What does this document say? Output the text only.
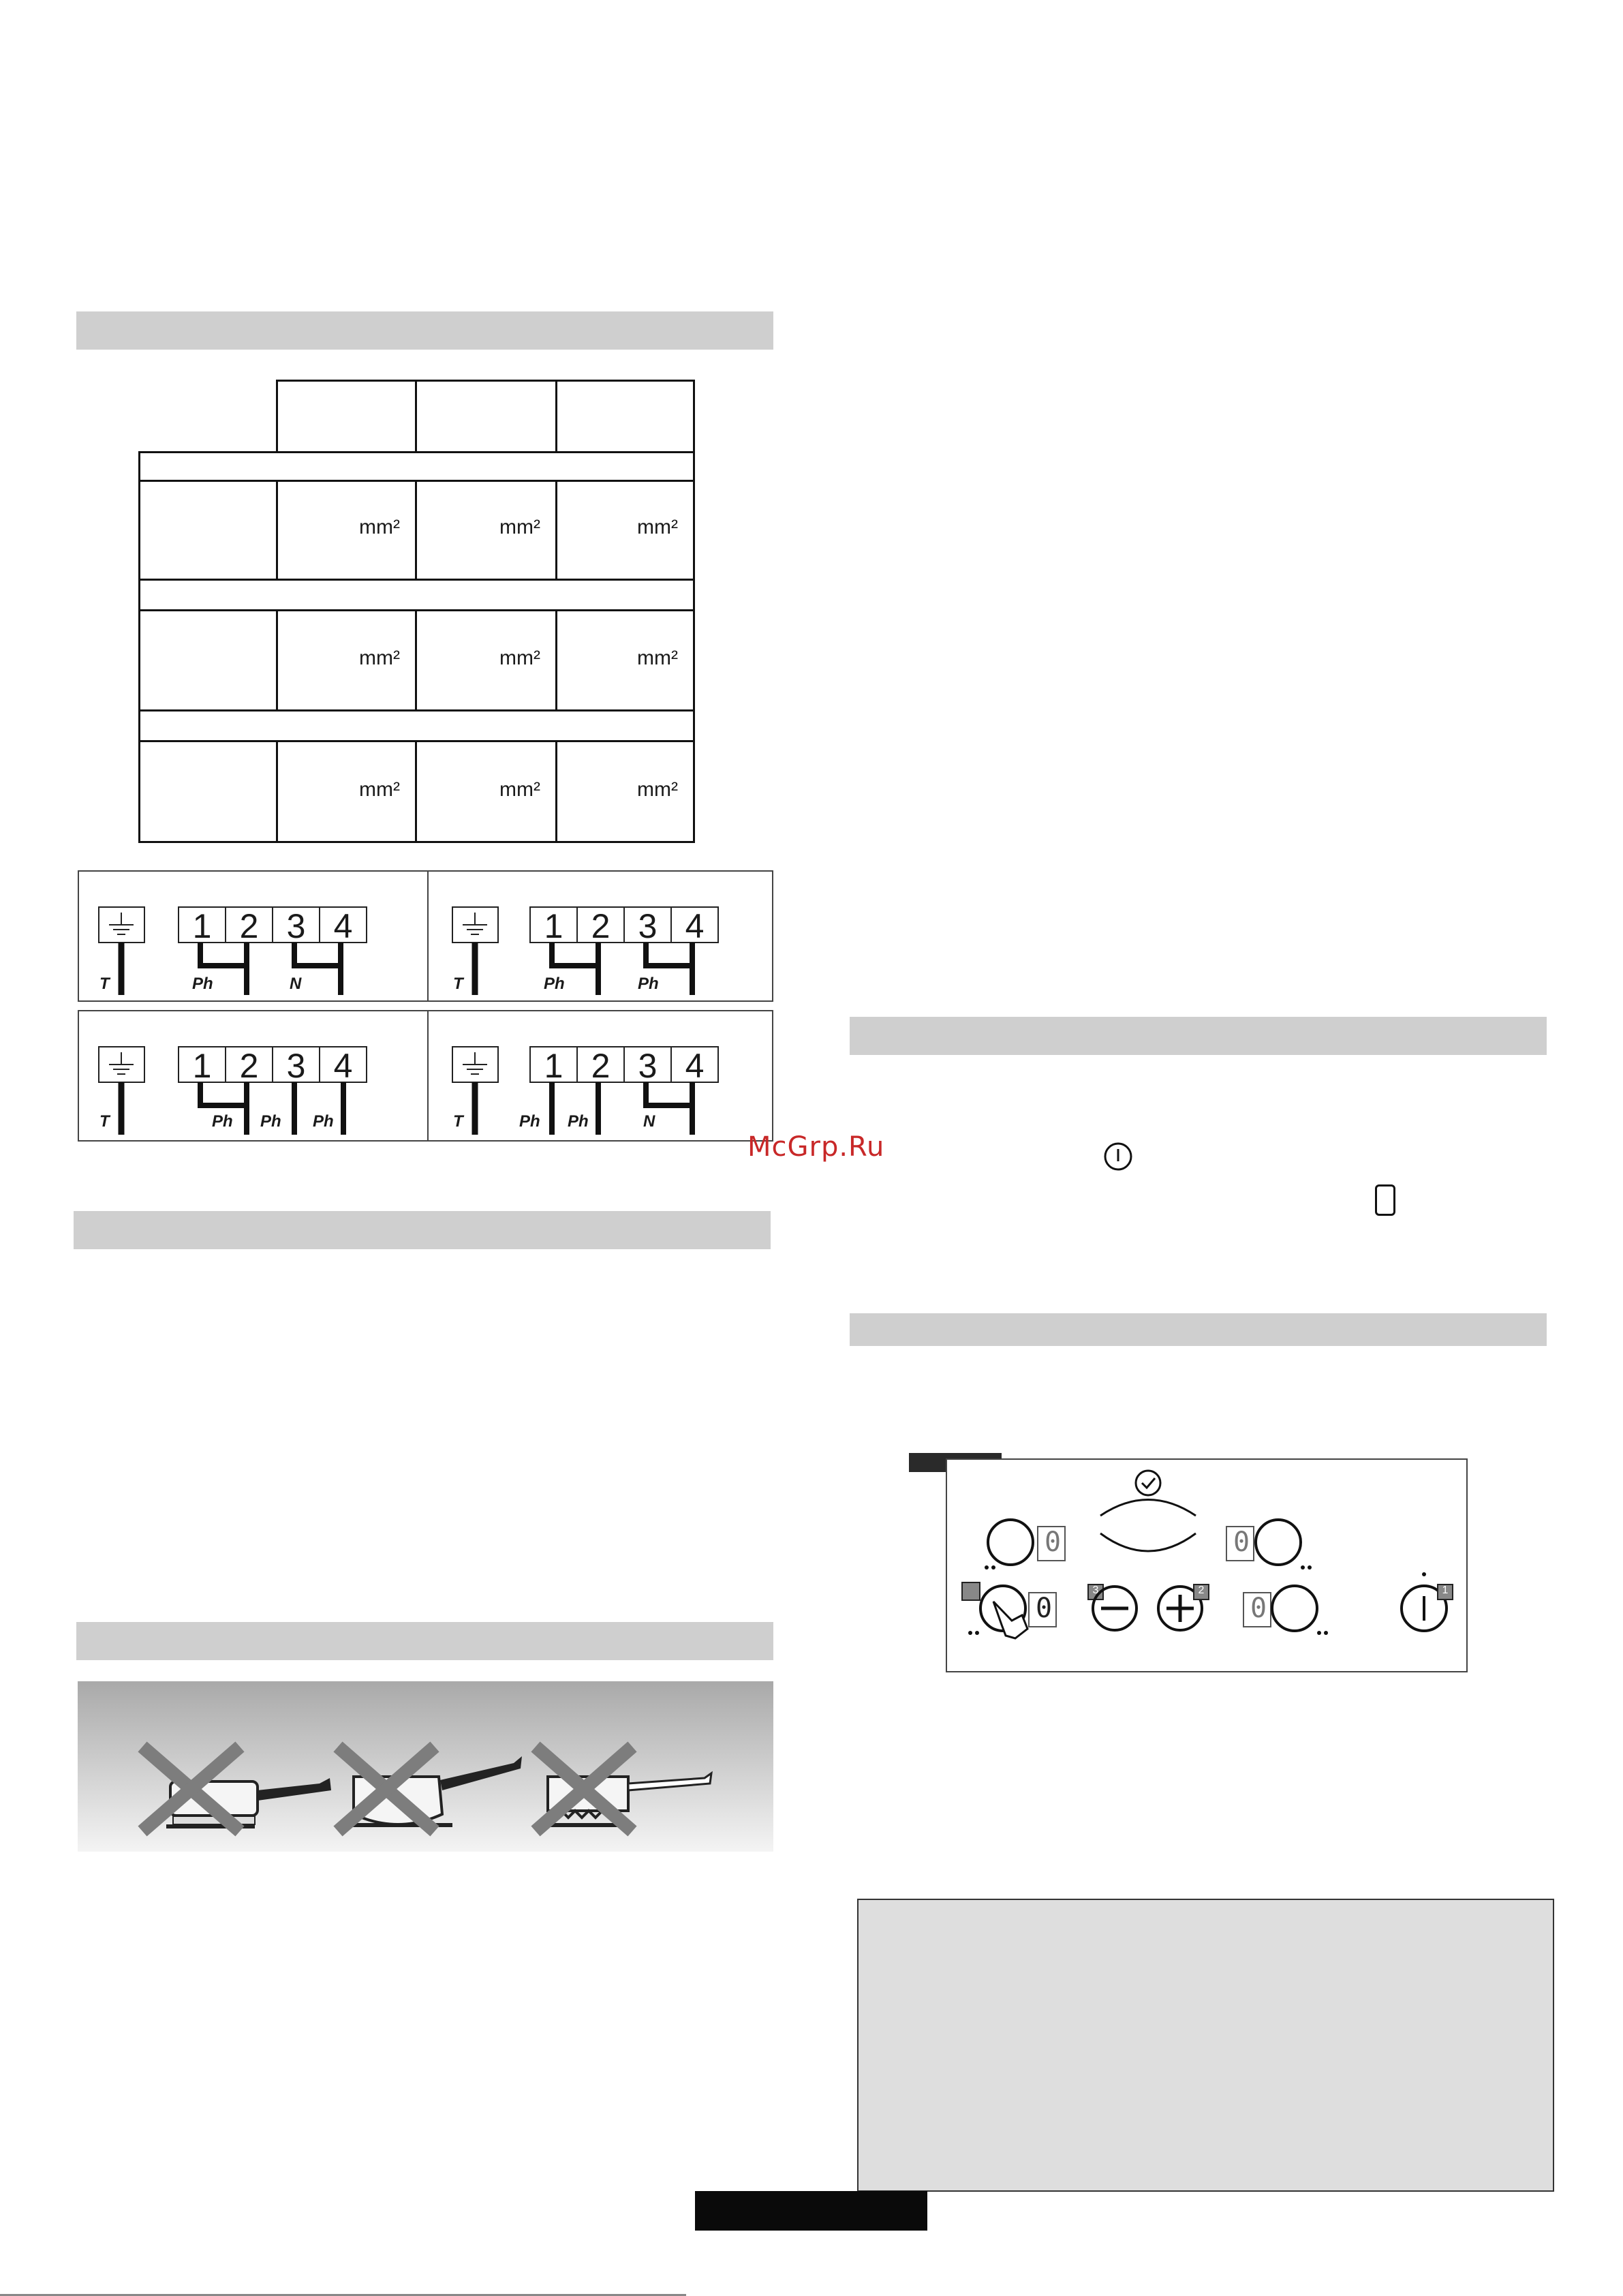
mm²	mm²	mm²
mm²	mm²	mm²
mm²	mm²	mm²
1 2 3 4	1 2 3 4
1 2 3 4	1 2 3 4
T	Ph	N	T	Ph	Ph
T	Ph Ph Ph	T	Ph Ph	N
McGrp.Ru
0	0
0	0
3	2	1
